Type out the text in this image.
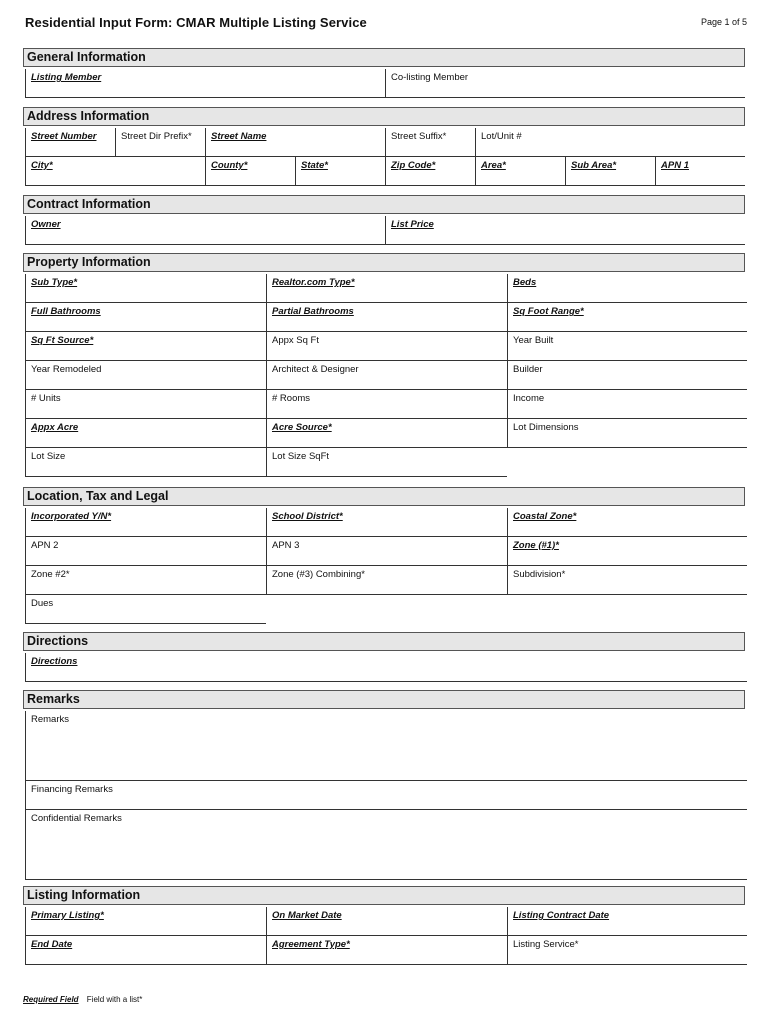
Residential Input Form: CMAR Multiple Listing Service	Page 1 of 5
General Information
Listing Member	Co-listing Member
Address Information
Street Number	Street Dir Prefix*	Street Name	Street Suffix*	Lot/Unit #
City*	County*	State*	Zip Code*	Area*	Sub Area*	APN 1
Contract Information
Owner	List Price
Property Information
Sub Type*	Realtor.com Type*	Beds
Full Bathrooms	Partial Bathrooms	Sq Foot Range*
Sq Ft Source*	Appx Sq Ft	Year Built
Year Remodeled	Architect & Designer	Builder
# Units	# Rooms	Income
Appx Acre	Acre Source*	Lot Dimensions
Lot Size	Lot Size SqFt
Location, Tax and Legal
Incorporated Y/N*	School District*	Coastal Zone*
APN 2	APN 3	Zone (#1)*
Zone #2*	Zone (#3) Combining*	Subdivision*
Dues
Directions
Directions
Remarks
Remarks
Financing Remarks
Confidential Remarks
Listing Information
Primary Listing*	On Market Date	Listing Contract Date
End Date	Agreement Type*	Listing Service*
Required Field Field with a list*
